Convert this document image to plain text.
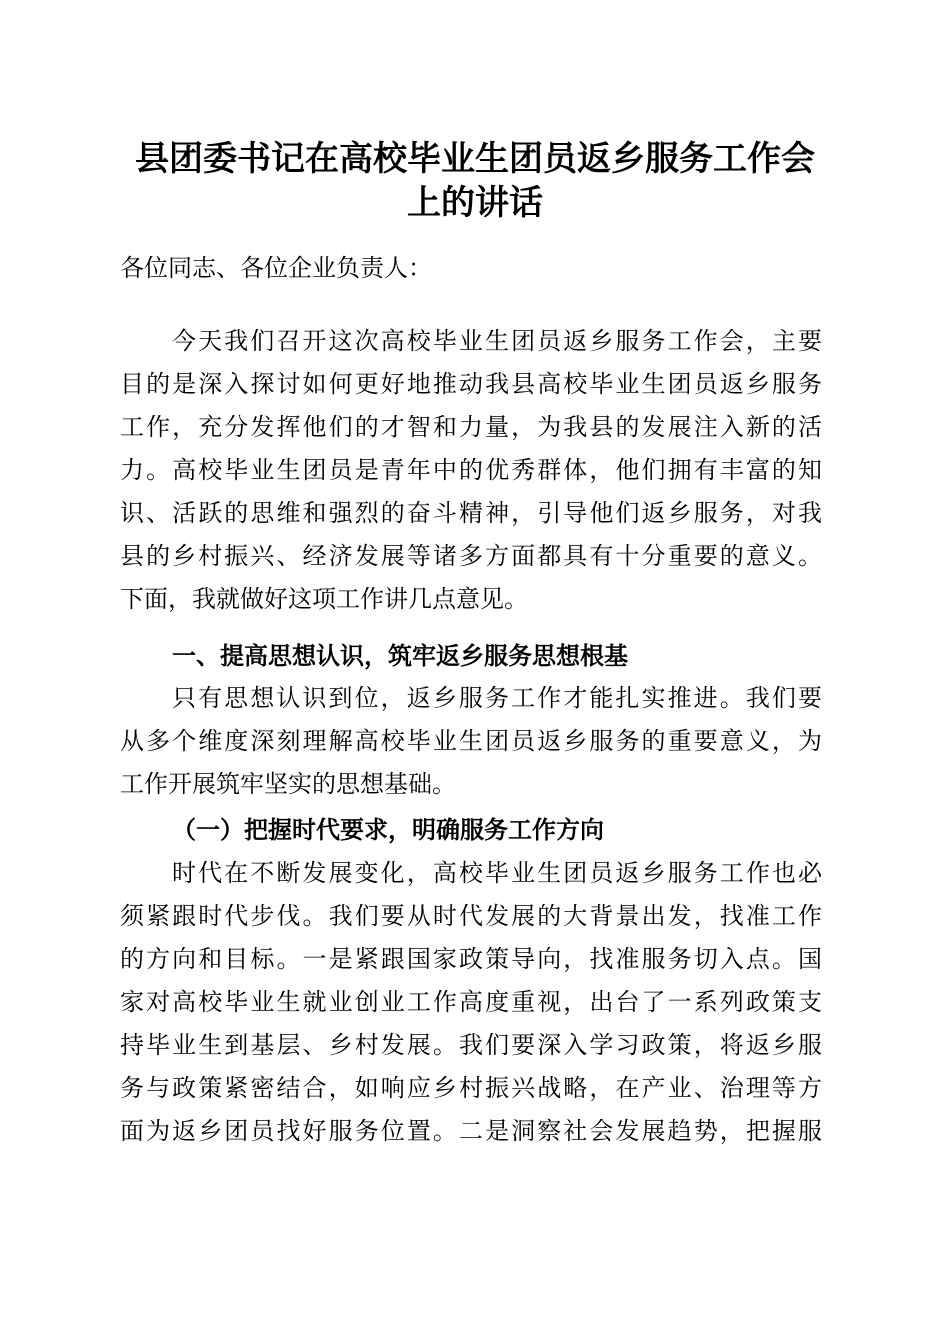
县团委书记在高校毕业生团员返乡服务工作会
上的讲话
各位同志、各位企业负责人：
今天我们召开这次高校毕业生团员返乡服务工作会，主要
目的是深入探讨如何更好地推动我县高校毕业生团员返乡服务
工作，充分发挥他们的才智和力量，为我县的发展注入新的活
力。高校毕业生团员是青年中的优秀群体，他们拥有丰富的知
识、活跃的思维和强烈的奋斗精神，引导他们返乡服务，对我
县的乡村振兴、经济发展等诸多方面都具有十分重要的意义。
下面，我就做好这项工作讲几点意见。
一、提高思想认识，筑牢返乡服务思想根基
只有思想认识到位，返乡服务工作才能扎实推进。我们要
从多个维度深刻理解高校毕业生团员返乡服务的重要意义，为
工作开展筑牢坚实的思想基础。
（一）把握时代要求，明确服务工作方向
时代在不断发展变化，高校毕业生团员返乡服务工作也必
须紧跟时代步伐。我们要从时代发展的大背景出发，找准工作
的方向和目标。一是紧跟国家政策导向，找准服务切入点。国
家对高校毕业生就业创业工作高度重视，出台了一系列政策支
持毕业生到基层、乡村发展。我们要深入学习政策，将返乡服
务与政策紧密结合，如响应乡村振兴战略，在产业、治理等方
面为返乡团员找好服务位置。二是洞察社会发展趋势，把握服
